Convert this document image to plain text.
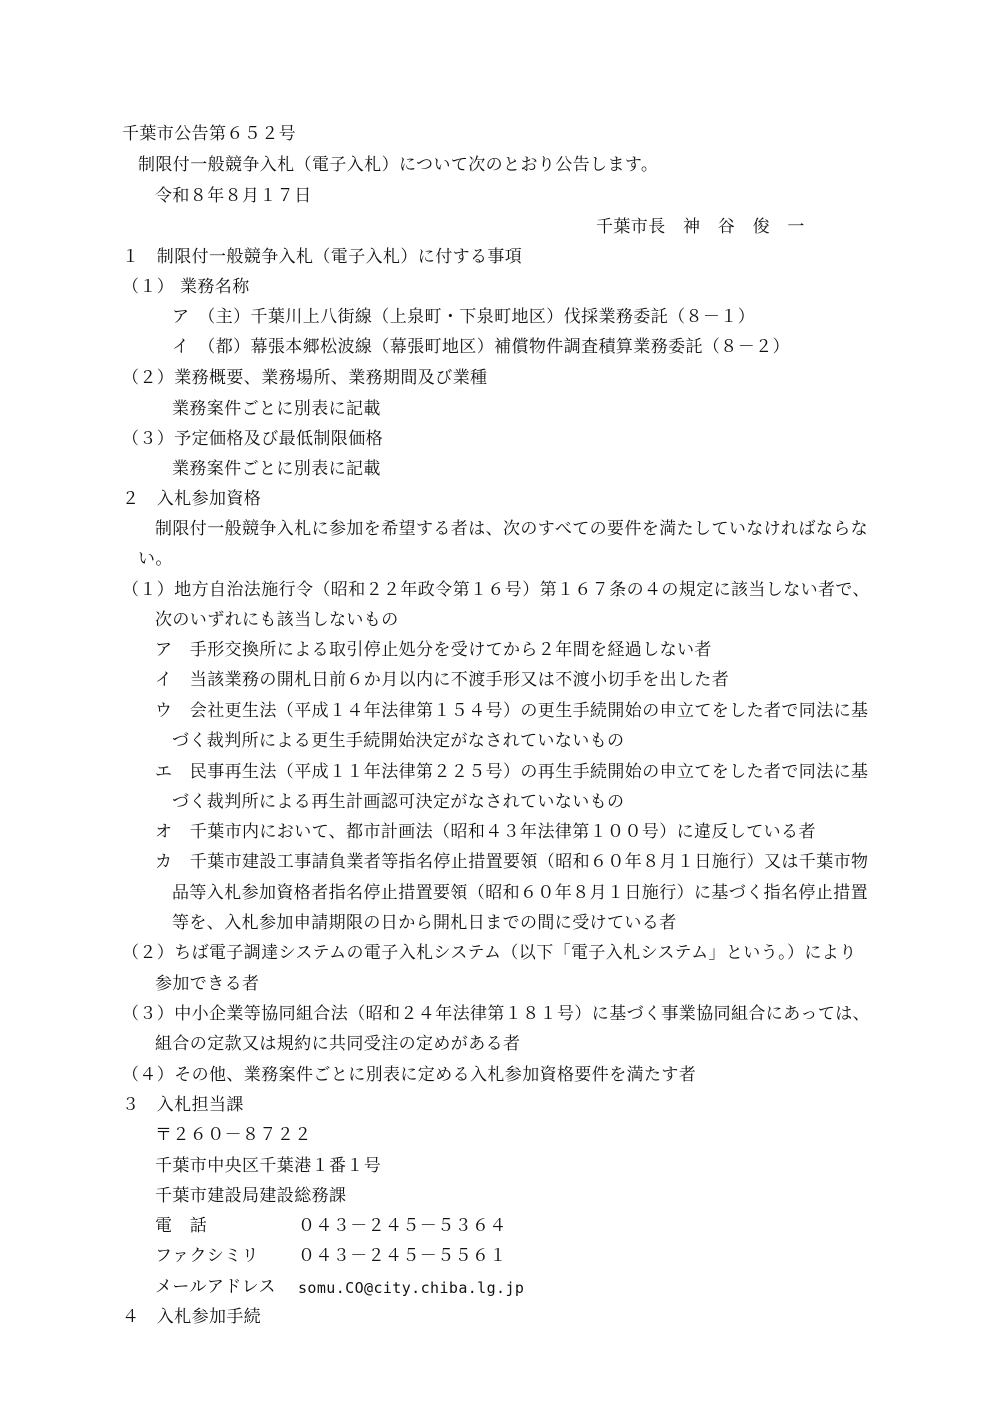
千葉市公告第６５２号
制限付一般競争入札（電子入札）について次のとおり公告します。
令和８年８月１７日
千葉市長　神　谷　俊　一
１　制限付一般競争入札（電子入札）に付する事項
（１） 業務名称
ア　（主）千葉川上八街線（上泉町・下泉町地区）伐採業務委託（８－１）
イ　（都）幕張本郷松波線（幕張町地区）補償物件調査積算業務委託（８－２）
（２）業務概要、業務場所、業務期間及び業種
業務案件ごとに別表に記載
（３）予定価格及び最低制限価格
業務案件ごとに別表に記載
２　入札参加資格
制限付一般競争入札に参加を希望する者は、次のすべての要件を満たしていなければならな
い。
（１）地方自治法施行令（昭和２２年政令第１６号）第１６７条の４の規定に該当しない者で、
次のいずれにも該当しないもの
ア　手形交換所による取引停止処分を受けてから２年間を経過しない者
イ　当該業務の開札日前６か月以内に不渡手形又は不渡小切手を出した者
ウ　会社更生法（平成１４年法律第１５４号）の更生手続開始の申立てをした者で同法に基
づく裁判所による更生手続開始決定がなされていないもの
エ　民事再生法（平成１１年法律第２２５号）の再生手続開始の申立てをした者で同法に基
づく裁判所による再生計画認可決定がなされていないもの
オ　千葉市内において、都市計画法（昭和４３年法律第１００号）に違反している者
カ　千葉市建設工事請負業者等指名停止措置要領（昭和６０年８月１日施行）又は千葉市物
品等入札参加資格者指名停止措置要領（昭和６０年８月１日施行）に基づく指名停止措置
等を、入札参加申請期限の日から開札日までの間に受けている者
（２）ちば電子調達システムの電子入札システム（以下「電子入札システム」という。）により
参加できる者
（３）中小企業等協同組合法（昭和２４年法律第１８１号）に基づく事業協同組合にあっては、
組合の定款又は規約に共同受注の定めがある者
（４）その他、業務案件ごとに別表に定める入札参加資格要件を満たす者
３　入札担当課
〒２６０－８７２２
千葉市中央区千葉港１番１号
千葉市建設局建設総務課
電　話	０４３－２４５－５３６４
ファクシミリ ０４３－２４５－５５６１
メールアドレス somu.CO@city.chiba.lg.jp
４　入札参加手続
